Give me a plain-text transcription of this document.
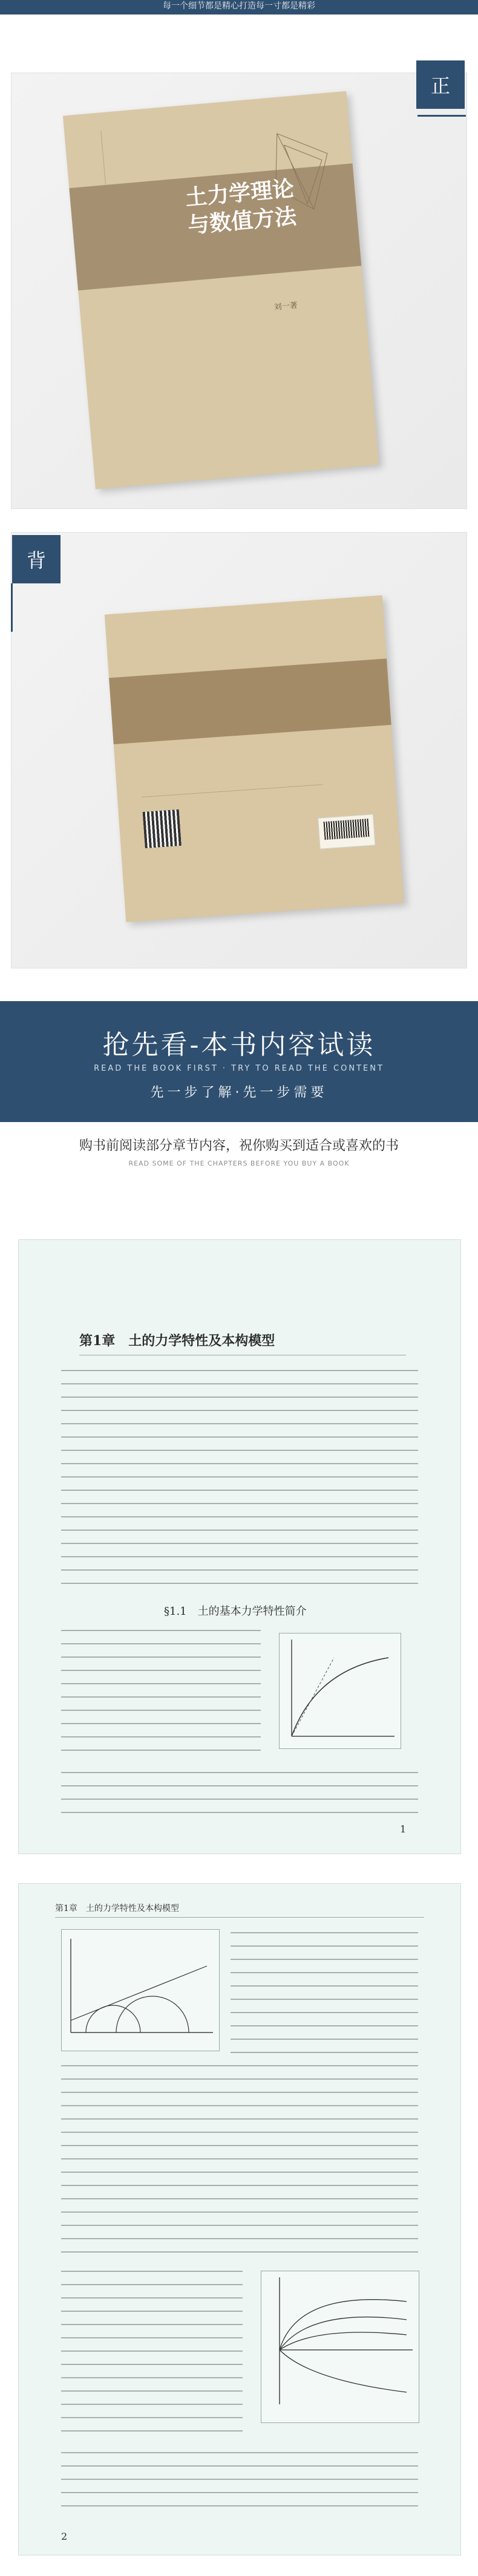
每一个细节都是精心打造每一寸都是精彩
土力学理论
与数值方法
刘一著
正
背
抢先看-本书内容试读
READ THE BOOK FIRST · TRY TO READ THE CONTENT
先一步了解·先一步需要
购书前阅读部分章节内容，祝你购买到适合或喜欢的书
READ SOME OF THE CHAPTERS BEFORE YOU BUY A BOOK
第1章　土的力学特性及本构模型
§1.1　土的基本力学特性简介
1
第1章　土的力学特性及本构模型
2
